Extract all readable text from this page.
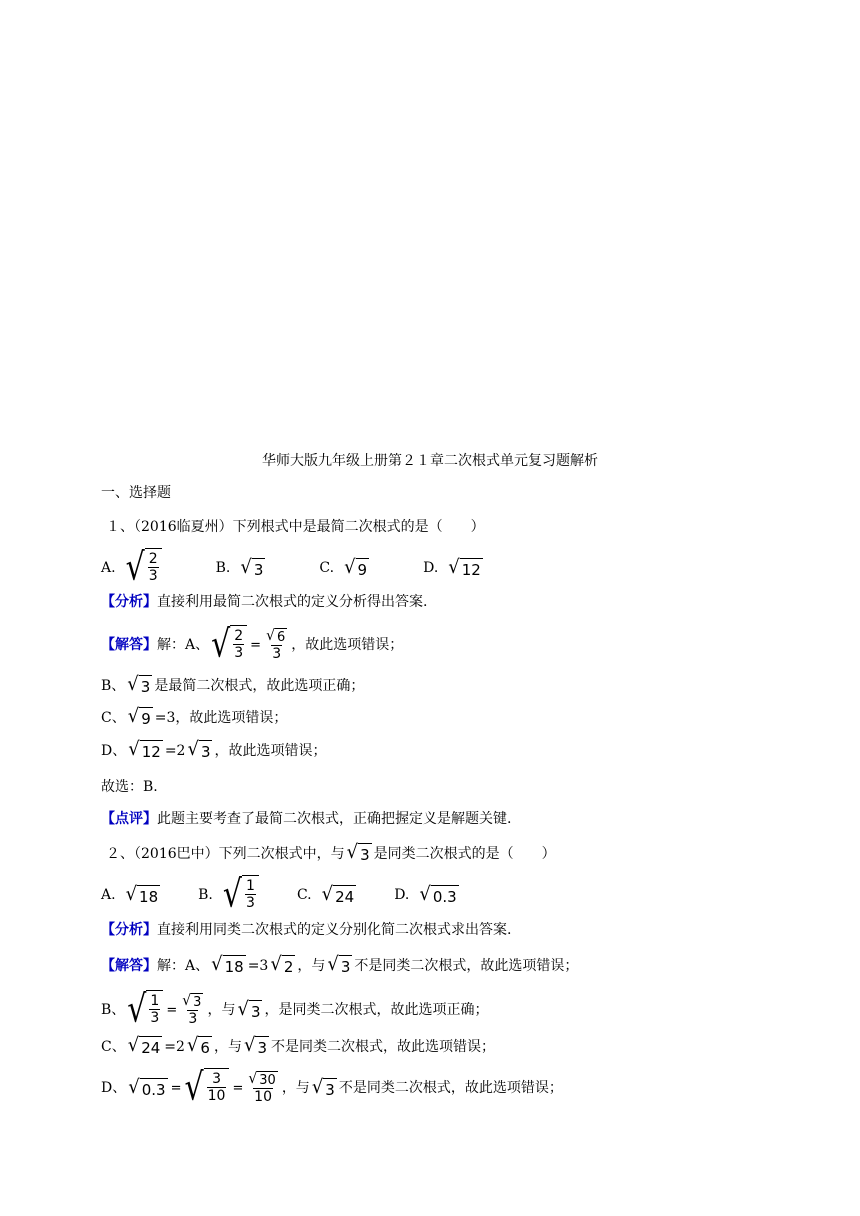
华师大版九年级上册第２１章二次根式单元复习题解析
一、选择题
１、（2016临夏州）下列根式中是最简二次根式的是（　　）
A. √ $\frac{2}{3}$	B. √ 3	C. √ 9	D. √ 12
【分析】 直接利用最简二次根式的定义分析得出答案.
【解答】 解：A、 √ $\frac{2}{3} = \frac{√ 6}{3}$ ，故此选项错误；
B、 √ 3 是最简二次根式，故此选项正确；
C、 √ 9 =3，故此选项错误；
D、 √ 12 =2 √ 3 ，故此选项错误；
故选：B.
【点评】 此题主要考查了最简二次根式，正确把握定义是解题关键.
２、（2016巴中）下列二次根式中，与 √ 3 是同类二次根式的是（　　）
A. √ 18	B. √ $\frac{1}{3}$	C. √ 24	D. √ 0.3
【分析】 直接利用同类二次根式的定义分别化简二次根式求出答案.
【解答】 解：A、 √ 18 =3 √ 2 ，与 √ 3 不是同类二次根式，故此选项错误；
B、 √ $\frac{1}{3} = \frac{√ 3}{3}$ ，与 √ 3 ，是同类二次根式，故此选项正确；
C、 √ 24 =2 √ 6 ，与 √ 3 不是同类二次根式，故此选项错误；
D、 √ 0.3 = √ $\frac{3}{10} = \frac{√ 30}{10}$ ，与 √ 3 不是同类二次根式，故此选项错误；
